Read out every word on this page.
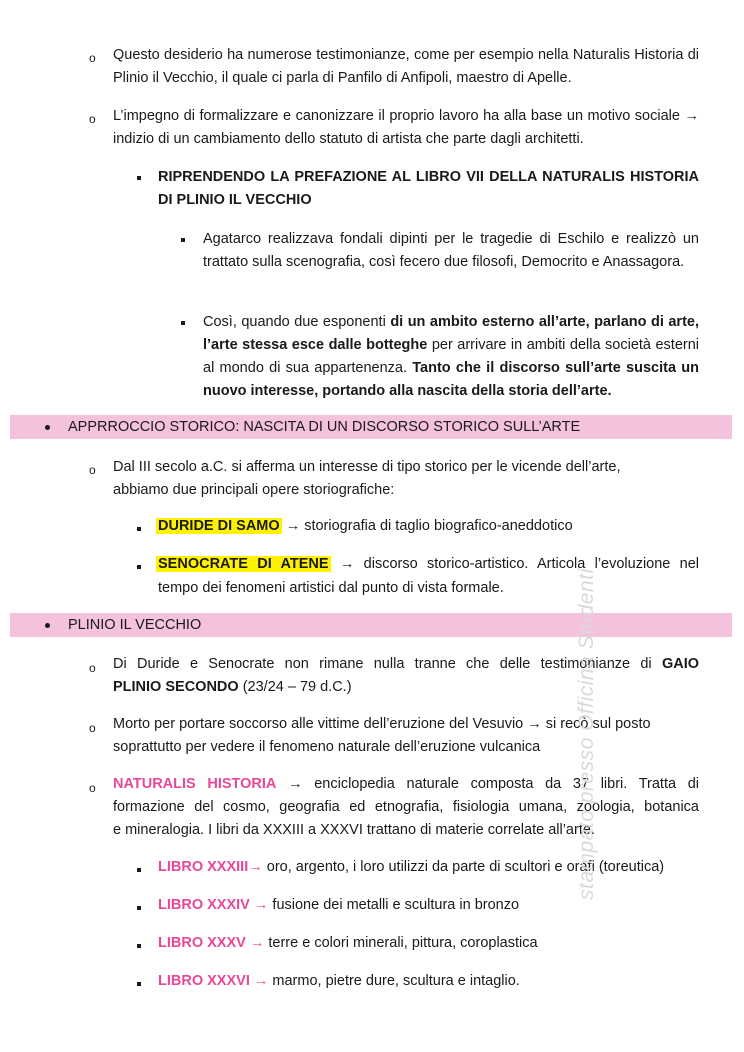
o Questo desiderio ha numerose testimonianze, come per esempio nella Naturalis Historia di Plinio il Vecchio, il quale ci parla di Panfilo di Anfipoli, maestro di Apelle.
o L’impegno di formalizzare e canonizzare il proprio lavoro ha alla base un motivo sociale → indizio di un cambiamento dello statuto di artista che parte dagli architetti.
RIPRENDENDO LA PREFAZIONE AL LIBRO VII DELLA NATURALIS HISTORIA DI PLINIO IL VECCHIO
Agatarco realizzava fondali dipinti per le tragedie di Eschilo e realizzò un trattato sulla scenografia, così fecero due filosofi, Democrito e Anassagora.
Così, quando due esponenti di un ambito esterno all’arte, parlano di arte, l’arte stessa esce dalle botteghe per arrivare in ambiti della società esterni al mondo di sua appartenenza. Tanto che il discorso sull’arte suscita un nuovo interesse, portando alla nascita della storia dell’arte.
APPRROCCIO STORICO: NASCITA DI UN DISCORSO STORICO SULL’ARTE
o Dal III secolo a.C. si afferma un interesse di tipo storico per le vicende dell’arte,
abbiamo due principali opere storiografiche:
DURIDE DI SAMO → storiografia di taglio biografico-aneddotico
SENOCRATE DI ATENE → discorso storico-artistico. Articola l’evoluzione nel
tempo dei fenomeni artistici dal punto di vista formale.
PLINIO IL VECCHIO
o Di Duride e Senocrate non rimane nulla tranne che delle testimonianze di GAIO
PLINIO SECONDO (23/24 – 79 d.C.)
o Morto per portare soccorso alle vittime dell’eruzione del Vesuvio → si recò sul posto
soprattutto per vedere il fenomeno naturale dell’eruzione vulcanica
o NATURALIS HISTORIA → enciclopedia naturale composta da 37 libri. Tratta di
formazione del cosmo, geografia ed etnografia, fisiologia umana, zoologia, botanica
e mineralogia. I libri da XXXIII a XXXVI trattano di materie correlate all’arte.
LIBRO XXXIII→ oro, argento, i loro utilizzi da parte di scultori e orafi (toreutica)
LIBRO XXXIV → fusione dei metalli e scultura in bronzo
LIBRO XXXV → terre e colori minerali, pittura, coroplastica
LIBRO XXXVI → marmo, pietre dure, scultura e intaglio.
stampato presso Officina Studenti
